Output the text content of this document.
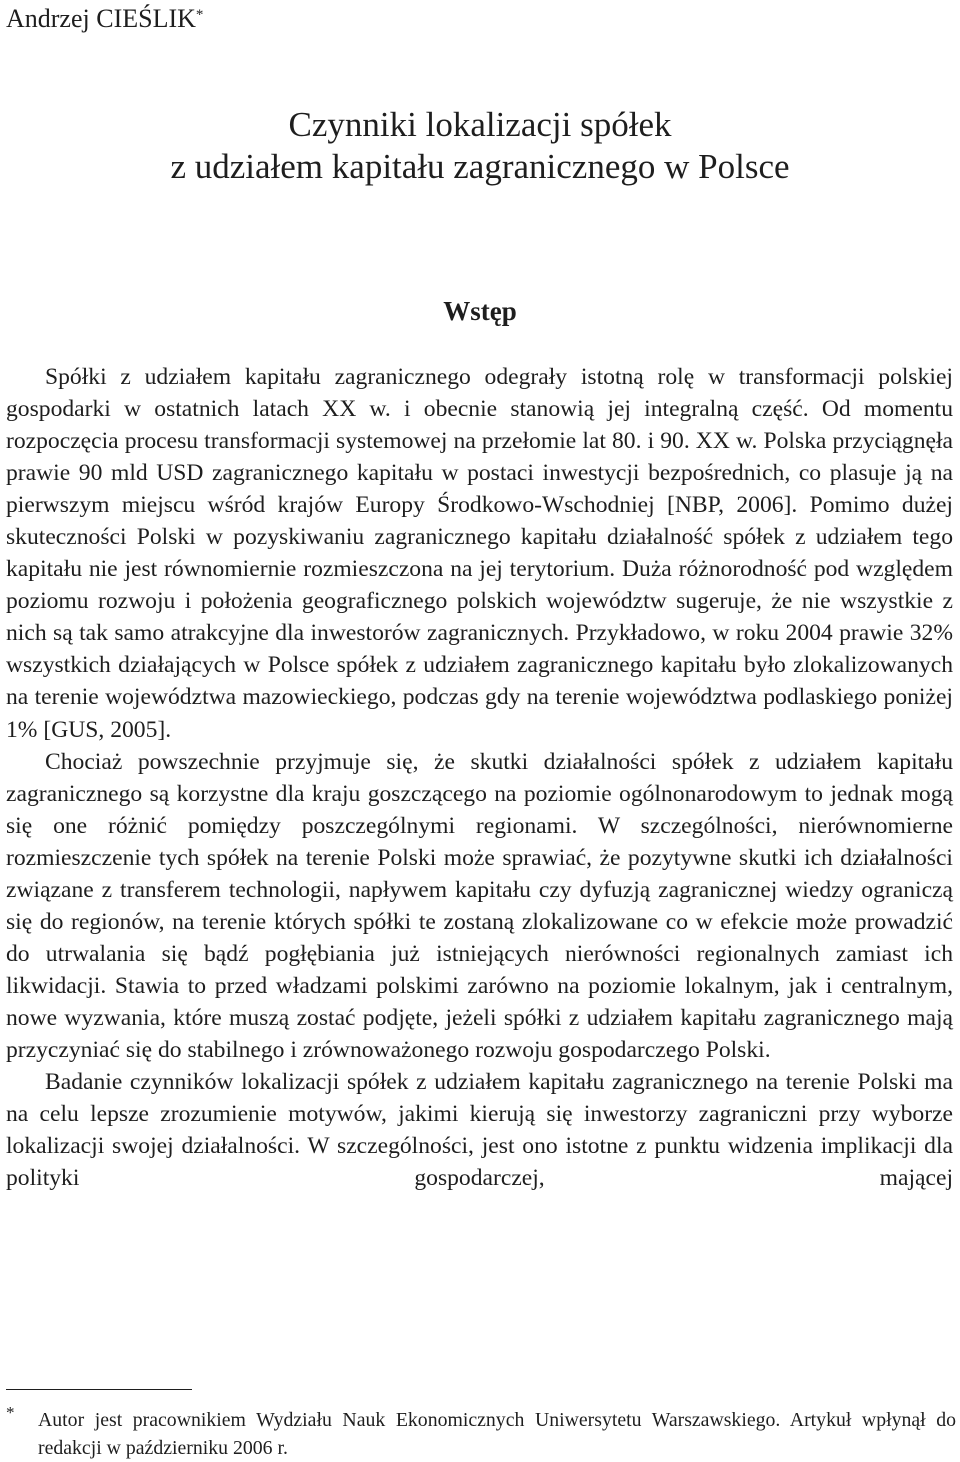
Andrzej CIEŚLIK*
Czynniki lokalizacji spółek
z udziałem kapitału zagranicznego w Polsce
Wstęp

Spółki z udziałem kapitału zagranicznego odegrały istotną rolę w transformacji polskiej gospodarki w ostatnich latach XX w. i obecnie stanowią jej integralną część. Od momentu rozpoczęcia procesu transformacji systemowej na przełomie lat 80. i 90. XX w. Polska przyciągnęła prawie 90 mld USD zagranicznego kapitału w postaci inwestycji bezpośrednich, co plasuje ją na pierwszym miejscu wśród krajów Europy Środkowo-Wschodniej [NBP, 2006]. Pomimo dużej skuteczności Polski w pozyskiwaniu zagranicznego kapitału działalność spółek z udziałem tego kapitału nie jest równomiernie rozmieszczona na jej terytorium. Duża różnorodność pod względem poziomu rozwoju i położenia geograficznego polskich województw sugeruje, że nie wszystkie z nich są tak samo atrakcyjne dla inwestorów zagranicznych. Przykładowo, w roku 2004 prawie 32% wszystkich działających w Polsce spółek z udziałem zagranicznego kapitału było zlokalizowanych na terenie województwa mazowieckiego, podczas gdy na terenie województwa podlaskiego poniżej 1% [GUS, 2005].

Chociaż powszechnie przyjmuje się, że skutki działalności spółek z udziałem kapitału zagranicznego są korzystne dla kraju goszczącego na poziomie ogólnonarodowym to jednak mogą się one różnić pomiędzy poszczególnymi regionami. W szczególności, nierównomierne rozmieszczenie tych spółek na terenie Polski może sprawiać, że pozytywne skutki ich działalności związane z transferem technologii, napływem kapitału czy dyfuzją zagranicznej wiedzy ograniczą się do regionów, na terenie których spółki te zostaną zlokalizowane co w efekcie może prowadzić do utrwalania się bądź pogłębiania już istniejących nierówności regionalnych zamiast ich likwidacji. Stawia to przed władzami polskimi zarówno na poziomie lokalnym, jak i centralnym, nowe wyzwania, które muszą zostać podjęte, jeżeli spółki z udziałem kapitału zagranicznego mają przyczyniać się do stabilnego i zrównoważonego rozwoju gospodarczego Polski.

Badanie czynników lokalizacji spółek z udziałem kapitału zagranicznego na terenie Polski ma na celu lepsze zrozumienie motywów, jakimi kierują się inwestorzy zagraniczni przy wyborze lokalizacji swojej działalności. W szczególności, jest ono istotne z punktu widzenia implikacji dla polityki gospodarczej, mającej

* Autor jest pracownikiem Wydziału Nauk Ekonomicznych Uniwersytetu Warszawskiego. Artykuł wpłynął do redakcji w październiku 2006 r.
